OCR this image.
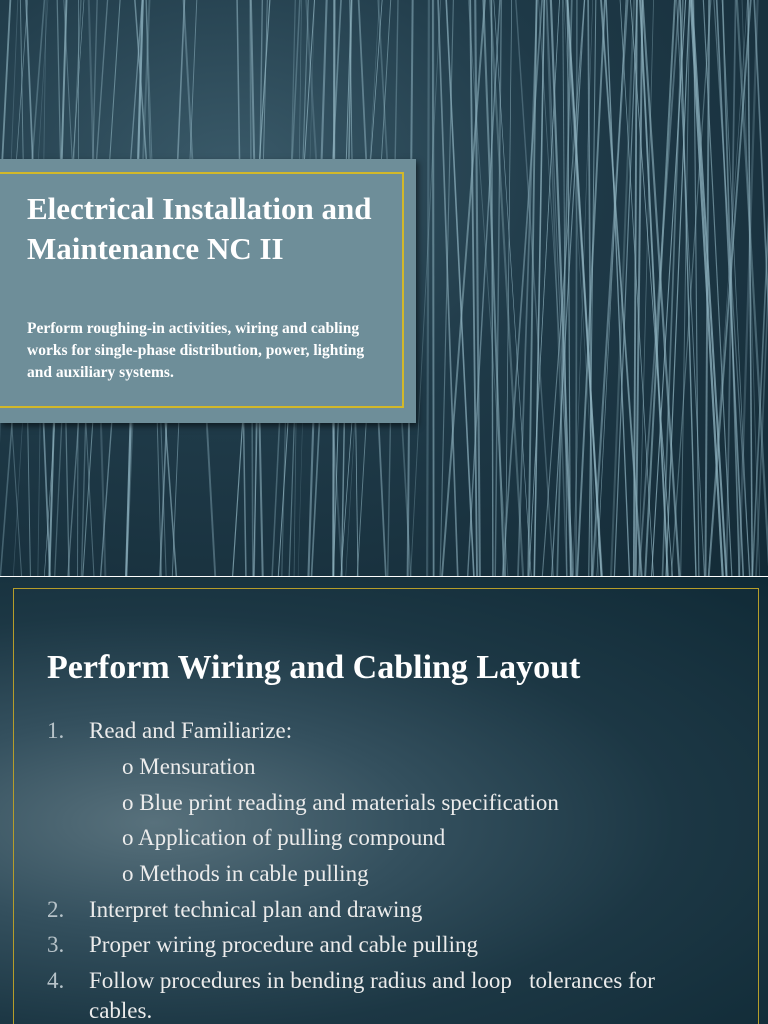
Electrical Installation and Maintenance NC II
Perform roughing-in activities, wiring and cabling works for single-phase distribution, power, lighting and auxiliary systems.
Perform Wiring and Cabling Layout
1. Read and Familiarize:
o Mensuration
o Blue print reading and materials specification
o Application of pulling compound
o Methods in cable pulling
2. Interpret technical plan and drawing
3. Proper wiring procedure and cable pulling
4. Follow procedures in bending radius and loop   tolerances for
cables.
